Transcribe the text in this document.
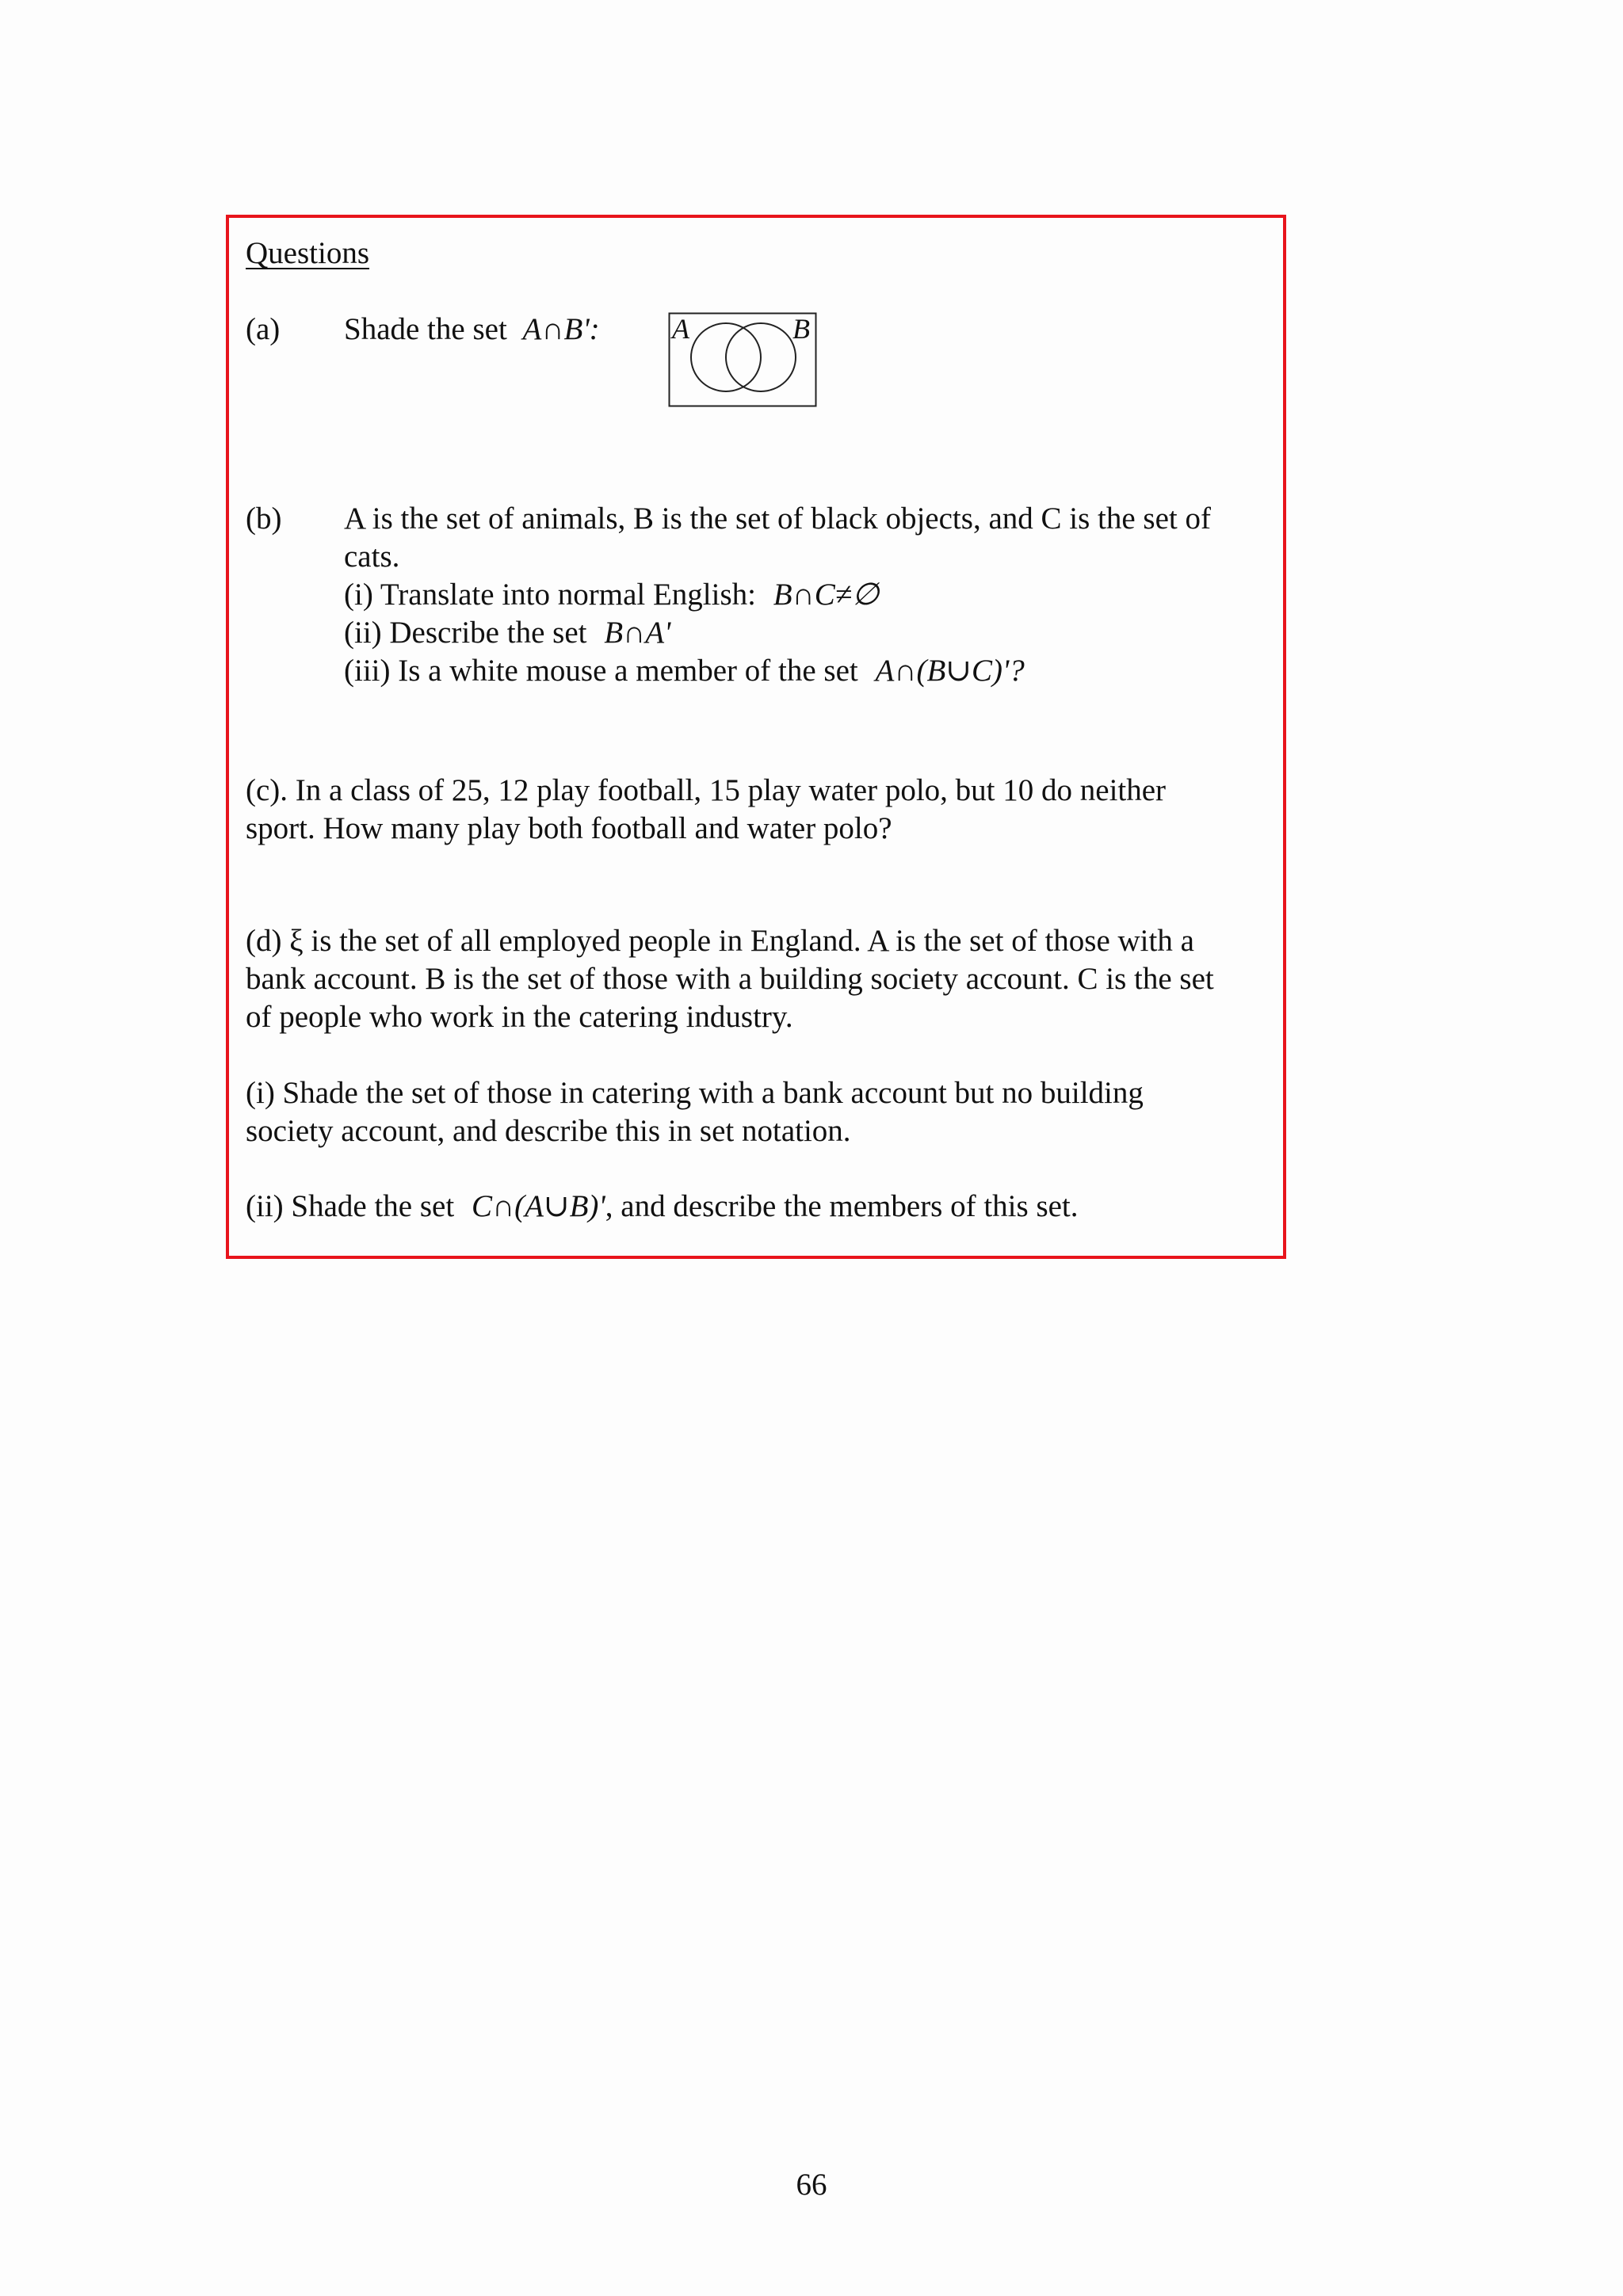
Questions
(a) Shade the set A∩B':	A	B
(b) A is the set of animals, B is the set of black objects, and C is the set of
cats.
(i) Translate into normal English: B∩C≠∅
(ii) Describe the set B∩A'
(iii) Is a white mouse a member of the set A∩(B∪C)'?
(c). In a class of 25, 12 play football, 15 play water polo, but 10 do neither
sport. How many play both football and water polo?
(d) ξ is the set of all employed people in England. A is the set of those with a
bank account. B is the set of those with a building society account. C is the set
of people who work in the catering industry.
(i) Shade the set of those in catering with a bank account but no building
society account, and describe this in set notation.
(ii) Shade the set C∩(A∪B)', and describe the members of this set.
66
